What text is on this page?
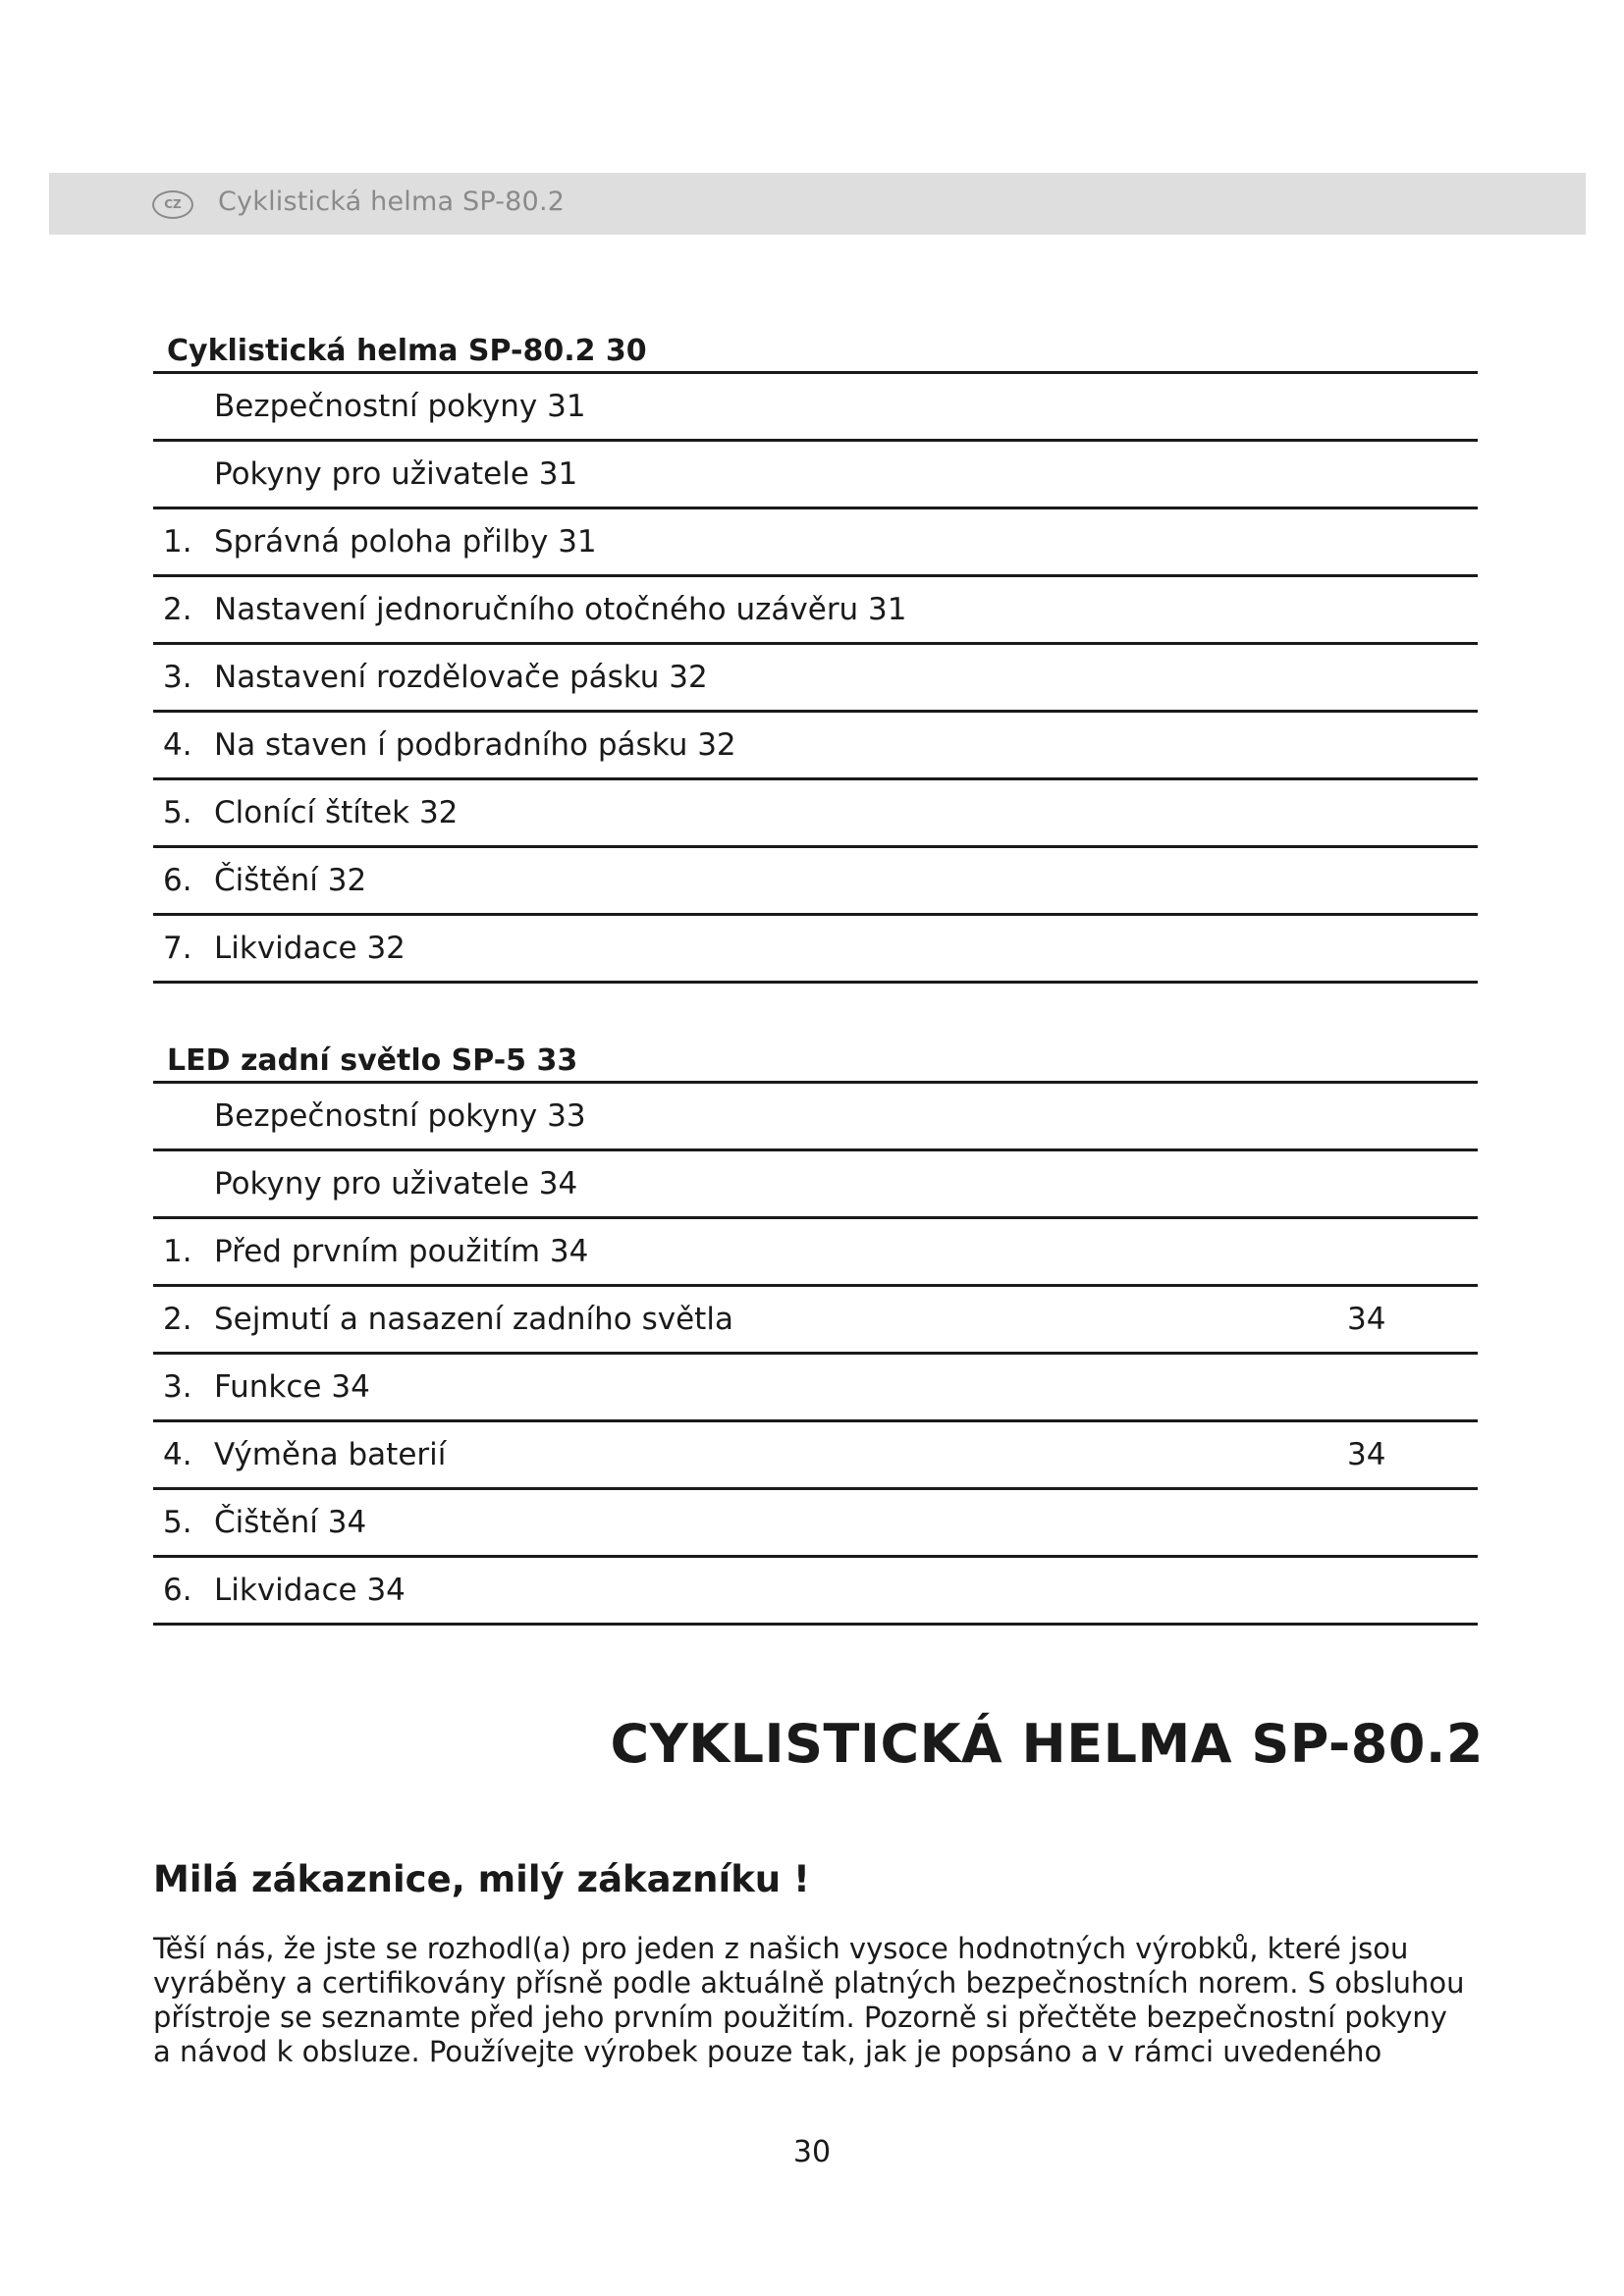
CZ	Cyklistická helma SP-80.2
Cyklistická helma SP-80.2 30
Bezpečnostní pokyny 31
Pokyny pro uživatele 31
1. Správná poloha přilby 31
2. Nastavení jednoručního otočného uzávěru 31
3. Nastavení rozdělovače pásku 32
4. Na staven í podbradního pásku 32
5. Clonící štítek 32
6. Čištění 32
7. Likvidace 32
LED zadní světlo SP-5 33
Bezpečnostní pokyny 33
Pokyny pro uživatele 34
1. Před prvním použitím 34
2. Sejmutí a nasazení zadního světla	34
3. Funkce 34
4. Výměna baterií	34
5. Čištění 34
6. Likvidace 34
CYKLISTICKÁ HELMA SP-80.2
Milá zákaznice, milý zákazníku !
Těší nás, že jste se rozhodl(a) pro jeden z našich vysoce hodnotných výrobků, které jsou
vyráběny a certifikovány přísně podle aktuálně platných bezpečnostních norem. S obsluhou
přístroje se seznamte před jeho prvním použitím. Pozorně si přečtěte bezpečnostní pokyny
a návod k obsluze. Používejte výrobek pouze tak, jak je popsáno a v rámci uvedeného
30
